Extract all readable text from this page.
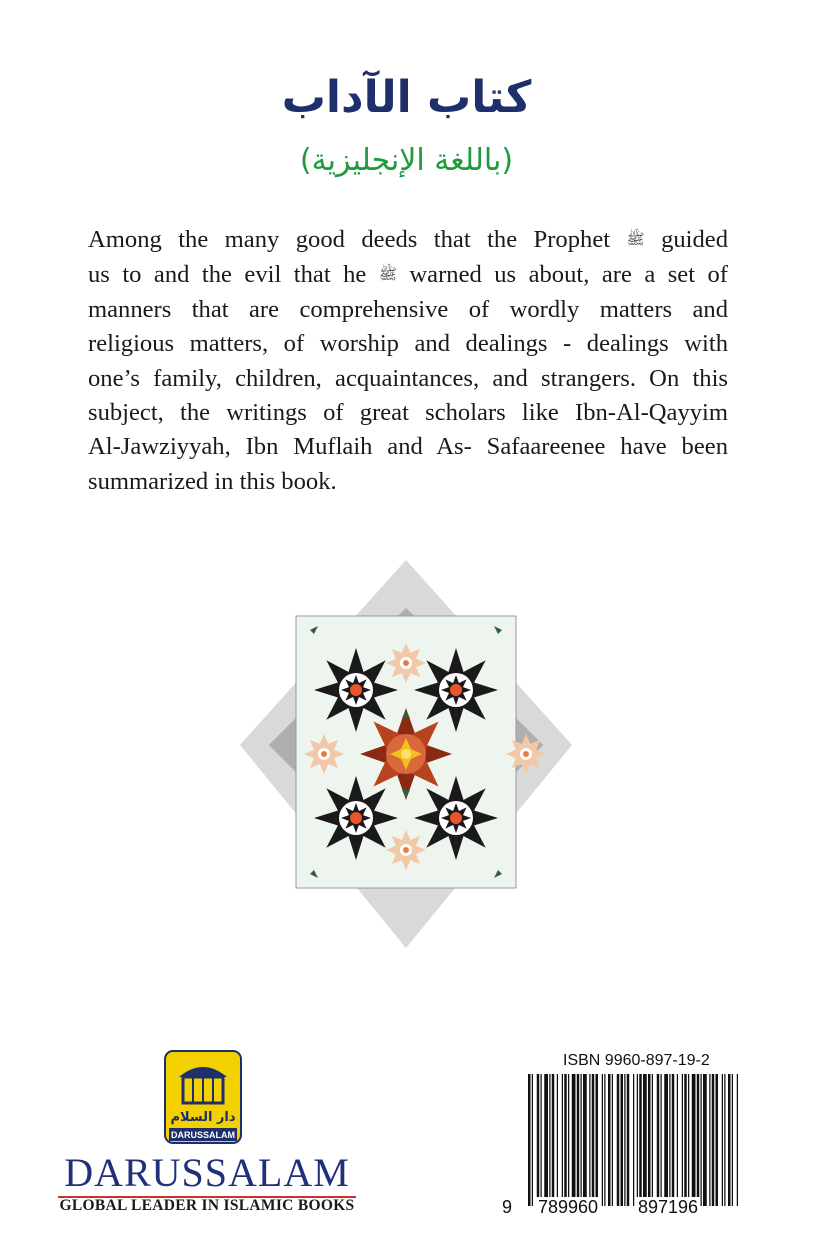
كتاب الآداب
(باللغة الإنجليزية)

Among the many good deeds that the Prophet ﷺ guided
us to and the evil that he ﷺ warned us about, are a set of
manners that are comprehensive of wordly matters and
religious matters, of worship and dealings - dealings with
one’s family, children, acquaintances, and strangers. On this
subject, the writings of great scholars like Ibn-Al-Qayyim
Al-Jawziyyah, Ibn Muflaih and As- Safaareenee have been
summarized in this book.

دار السلام
DARUSSALAM
DARUSSALAM
GLOBAL LEADER IN ISLAMIC BOOKS
ISBN 9960-897-19-2
9 789960 897196
